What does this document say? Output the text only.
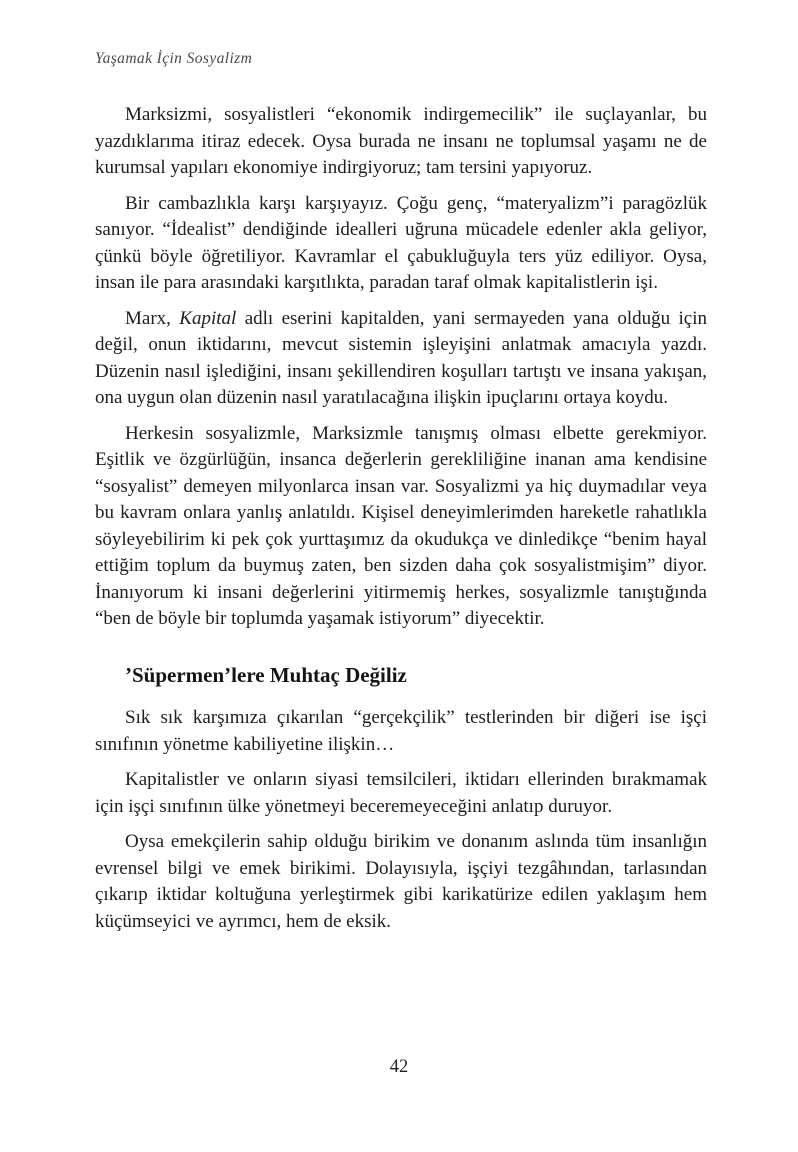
Yaşamak İçin Sosyalizm

Marksizmi, sosyalistleri “ekonomik indirgemecilik” ile suçlayanlar, bu yazdıklarıma itiraz edecek. Oysa burada ne insanı ne toplumsal yaşamı ne de kurumsal yapıları ekonomiye indirgiyoruz; tam tersini yapıyoruz.

Bir cambazlıkla karşı karşıyayız. Çoğu genç, “materyalizm”i paragözlük sanıyor. “İdealist” dendiğinde idealleri uğruna mücadele edenler akla geliyor, çünkü böyle öğretiliyor. Kavramlar el çabukluğuyla ters yüz ediliyor. Oysa, insan ile para arasındaki karşıtlıkta, paradan taraf olmak kapitalistlerin işi.

Marx, Kapital adlı eserini kapitalden, yani sermayeden yana olduğu için değil, onun iktidarını, mevcut sistemin işleyişini anlatmak amacıyla yazdı. Düzenin nasıl işlediğini, insanı şekillendiren koşulları tartıştı ve insana yakışan, ona uygun olan düzenin nasıl yaratılacağına ilişkin ipuçlarını ortaya koydu.

Herkesin sosyalizmle, Marksizmle tanışmış olması elbette gerekmiyor. Eşitlik ve özgürlüğün, insanca değerlerin gerekliliğine inanan ama kendisine “sosyalist” demeyen milyonlarca insan var. Sosyalizmi ya hiç duymadılar veya bu kavram onlara yanlış anlatıldı. Kişisel deneyimlerimden hareketle rahatlıkla söyleyebilirim ki pek çok yurttaşımız da okudukça ve dinledikçe “benim hayal ettiğim toplum da buymuş zaten, ben sizden daha çok sosyalistmişim” diyor. İnanıyorum ki insani değerlerini yitirmemiş herkes, sosyalizmle tanıştığında “ben de böyle bir toplumda yaşamak istiyorum” diyecektir.

’Süpermen’lere Muhtaç Değiliz

Sık sık karşımıza çıkarılan “gerçekçilik” testlerinden bir diğeri ise işçi sınıfının yönetme kabiliyetine ilişkin…

Kapitalistler ve onların siyasi temsilcileri, iktidarı ellerinden bırakmamak için işçi sınıfının ülke yönetmeyi beceremeyeceğini anlatıp duruyor.

Oysa emekçilerin sahip olduğu birikim ve donanım aslında tüm insanlığın evrensel bilgi ve emek birikimi. Dolayısıyla, işçiyi tezgâhından, tarlasından çıkarıp iktidar koltuğuna yerleştirmek gibi karikatürize edilen yaklaşım hem küçümseyici ve ayrımcı, hem de eksik.

42
